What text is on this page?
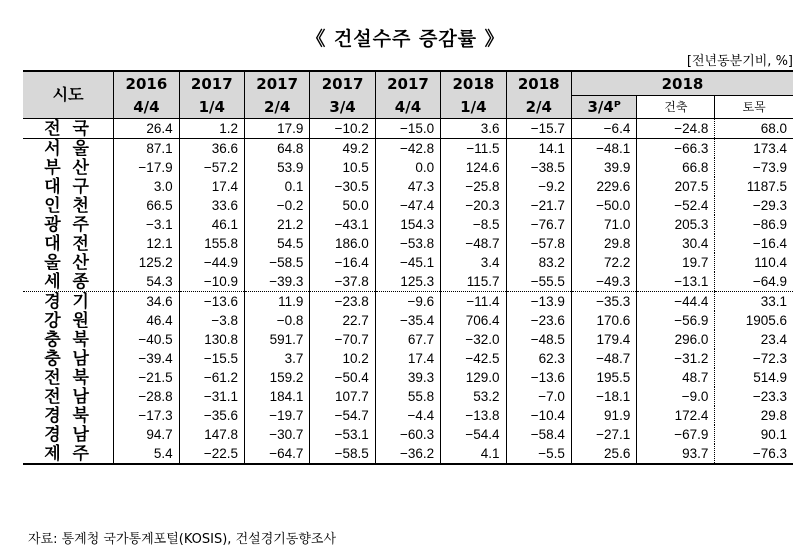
《 건설수주 증감률 》
[전년동분기비, %]
시도	2016	2017	2017	2017	2017	2018	2018	2018		
	4/4	1/4	2/4	3/4	4/4	1/4	2/4	3/4ᴾ	건축	토목
전 국	26.4	1.2	17.9	−10.2	−15.0	3.6	−15.7	−6.4	−24.8	68.0
서 울	87.1	36.6	64.8	49.2	−42.8	−11.5	14.1	−48.1	−66.3	173.4
부 산	−17.9	−57.2	53.9	10.5	0.0	124.6	−38.5	39.9	66.8	−73.9
대 구	3.0	17.4	0.1	−30.5	47.3	−25.8	−9.2	229.6	207.5	1187.5
인 천	66.5	33.6	−0.2	50.0	−47.4	−20.3	−21.7	−50.0	−52.4	−29.3
광 주	−3.1	46.1	21.2	−43.1	154.3	−8.5	−76.7	71.0	205.3	−86.9
대 전	12.1	155.8	54.5	186.0	−53.8	−48.7	−57.8	29.8	30.4	−16.4
울 산	125.2	−44.9	−58.5	−16.4	−45.1	3.4	83.2	72.2	19.7	110.4
세 종	54.3	−10.9	−39.3	−37.8	125.3	115.7	−55.5	−49.3	−13.1	−64.9
경 기	34.6	−13.6	11.9	−23.8	−9.6	−11.4	−13.9	−35.3	−44.4	33.1
강 원	46.4	−3.8	−0.8	22.7	−35.4	706.4	−23.6	170.6	−56.9	1905.6
충 북	−40.5	130.8	591.7	−70.7	67.7	−32.0	−48.5	179.4	296.0	23.4
충 남	−39.4	−15.5	3.7	10.2	17.4	−42.5	62.3	−48.7	−31.2	−72.3
전 북	−21.5	−61.2	159.2	−50.4	39.3	129.0	−13.6	195.5	48.7	514.9
전 남	−28.8	−31.1	184.1	107.7	55.8	53.2	−7.0	−18.1	−9.0	−23.3
경 북	−17.3	−35.6	−19.7	−54.7	−4.4	−13.8	−10.4	91.9	172.4	29.8
경 남	94.7	147.8	−30.7	−53.1	−60.3	−54.4	−58.4	−27.1	−67.9	90.1
제 주	5.4	−22.5	−64.7	−58.5	−36.2	4.1	−5.5	25.6	93.7	−76.3
자료: 통계청 국가통계포털(KOSIS), 건설경기동향조사
